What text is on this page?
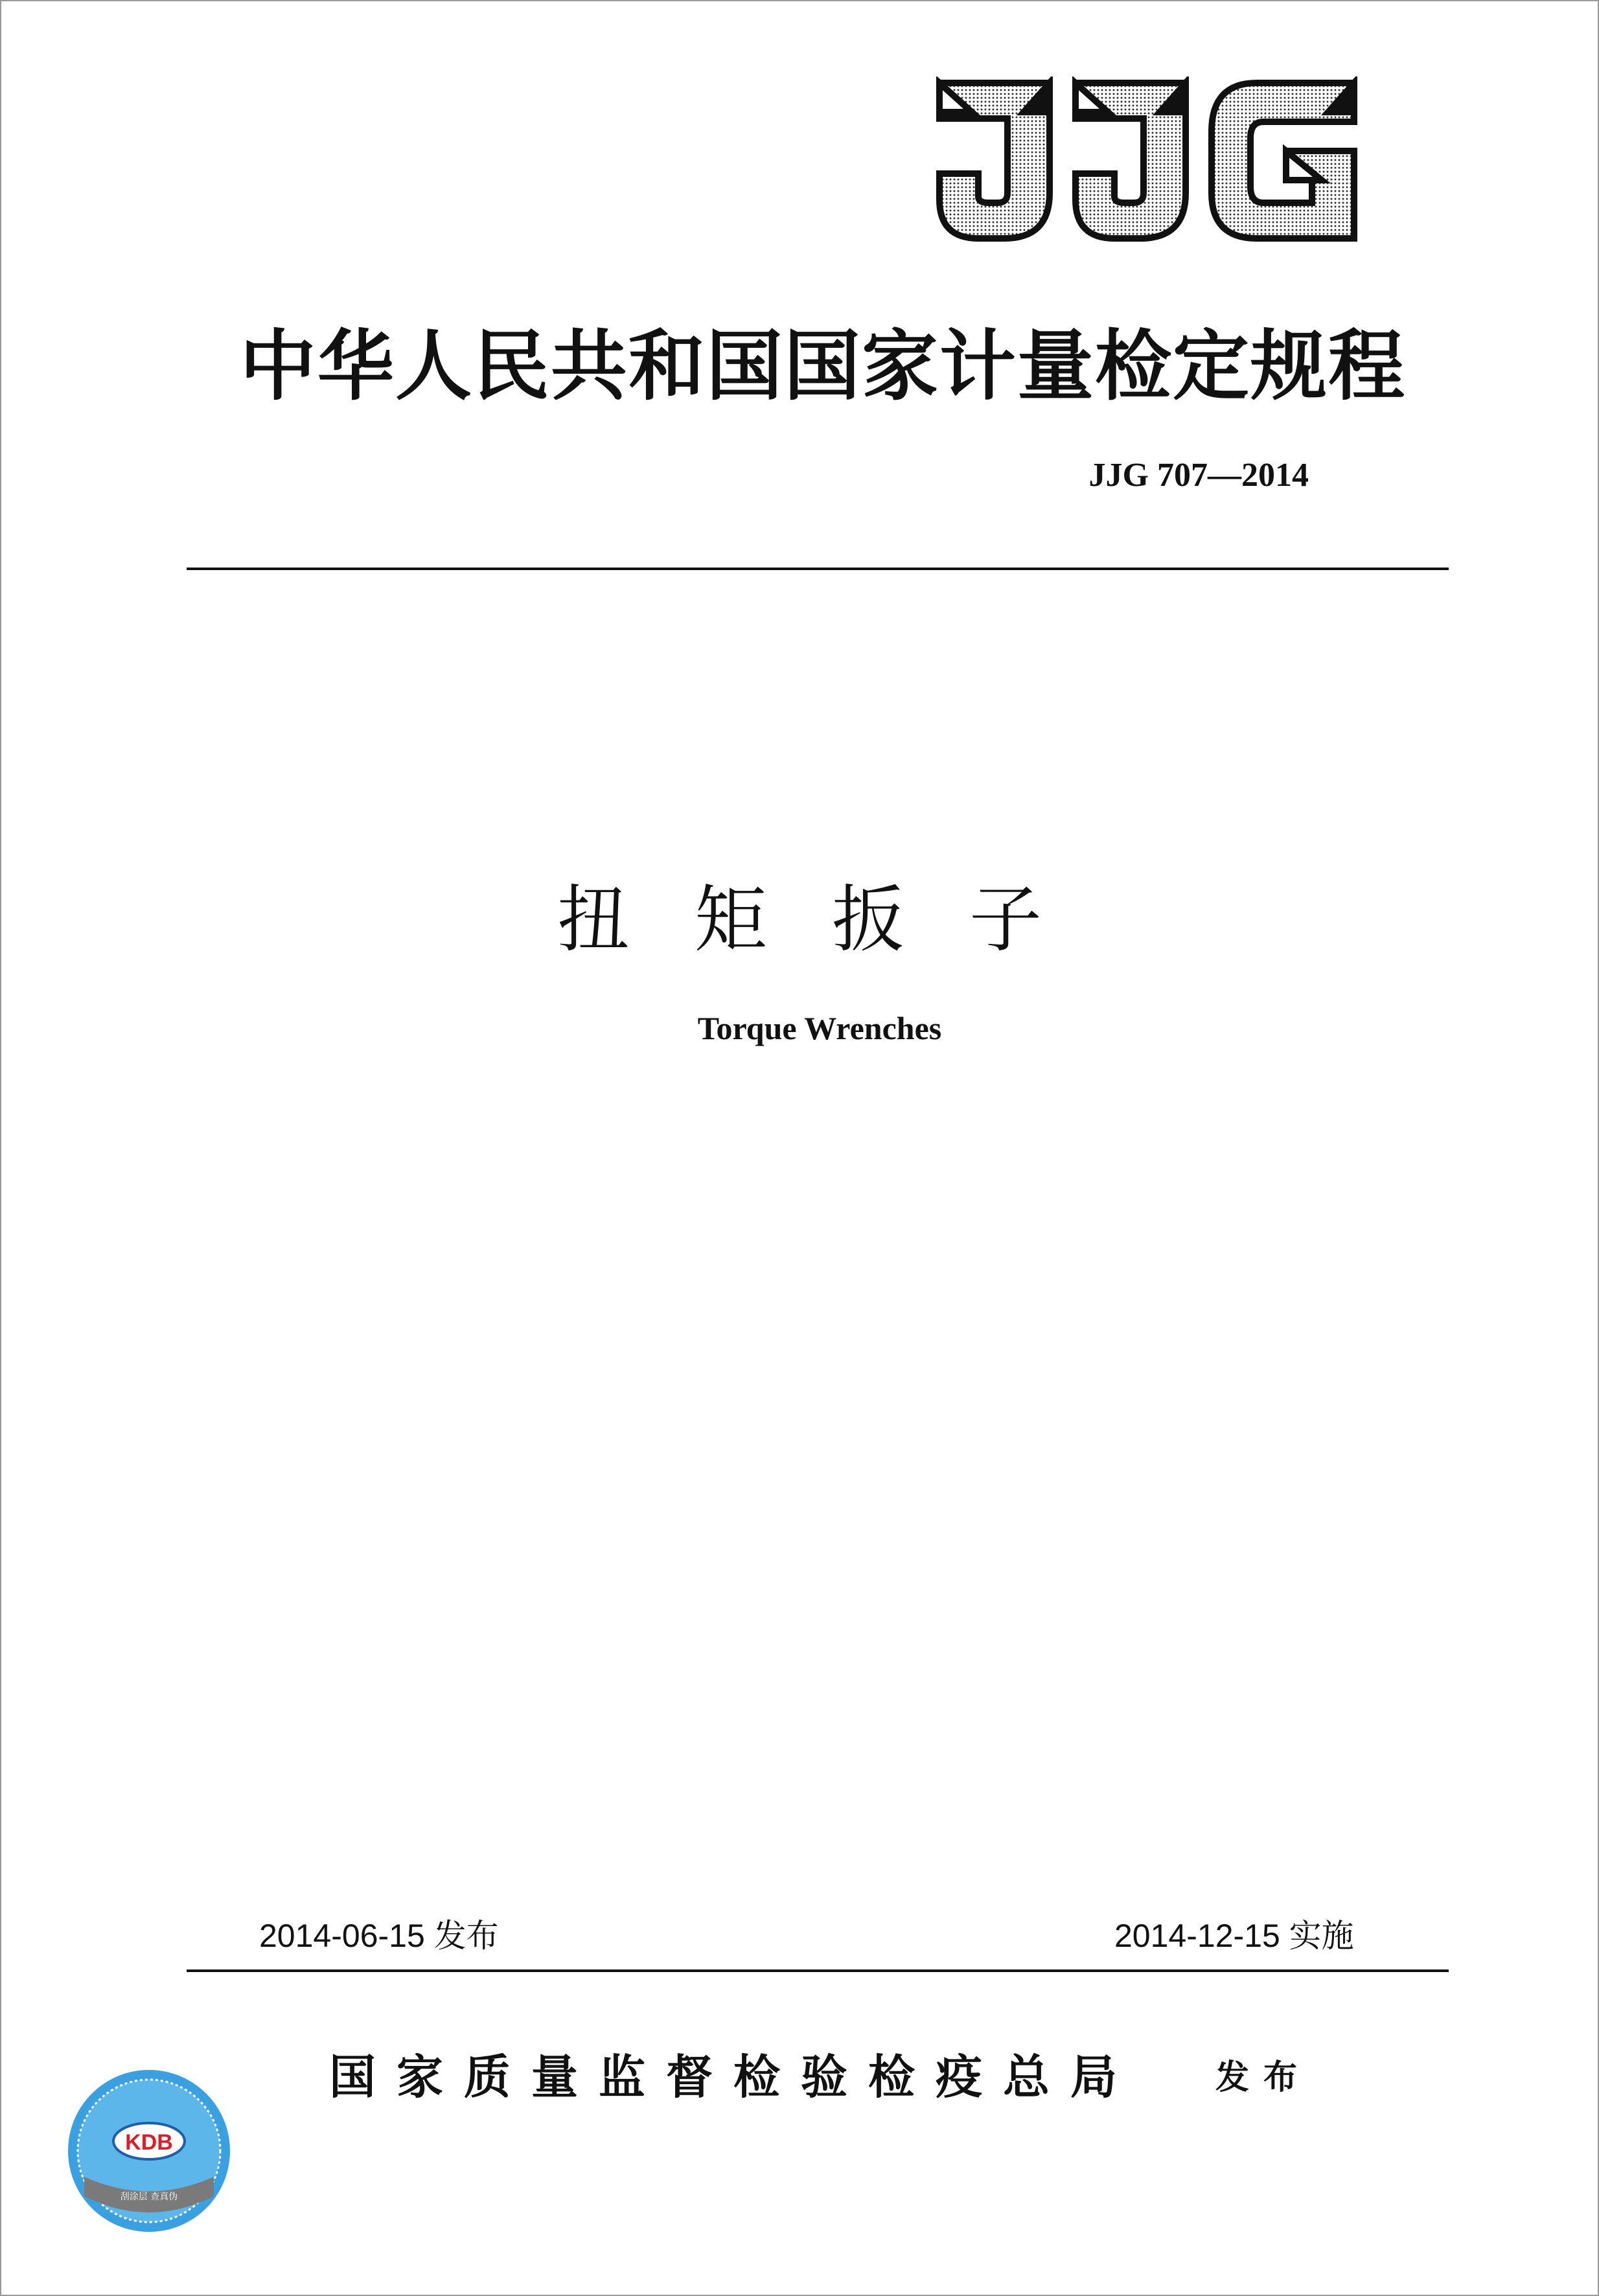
中华人民共和国国家计量检定规程
JJG 707—2014
扭矩扳子
Torque Wrenches
2014-06-15 发布	2014-12-15 实施
国家质量监督检验检疫总局 发布
KDB
刮涂层 查真伪
